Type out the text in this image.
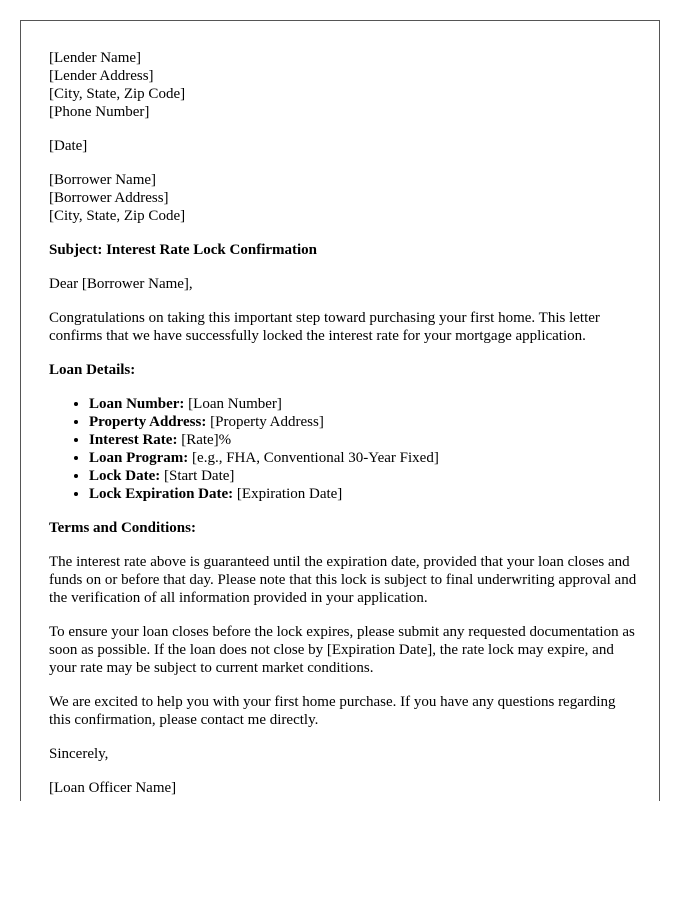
[Lender Name]

[Lender Address]

[City, State, Zip Code]

[Phone Number]

[Date]

[Borrower Name]

[Borrower Address]

[City, State, Zip Code]

Subject: Interest Rate Lock Confirmation

Dear [Borrower Name],

Congratulations on taking this important step toward purchasing your first home. This letter confirms that we have successfully locked the interest rate for your mortgage application.

Loan Details:

• Loan Number: [Loan Number]
• Property Address: [Property Address]
• Interest Rate: [Rate]%
• Loan Program: [e.g., FHA, Conventional 30-Year Fixed]
• Lock Date: [Start Date]
• Lock Expiration Date: [Expiration Date]

Terms and Conditions:

The interest rate above is guaranteed until the expiration date, provided that your loan closes and funds on or before that day. Please note that this lock is subject to final underwriting approval and the verification of all information provided in your application.

To ensure your loan closes before the lock expires, please submit any requested documentation as soon as possible. If the loan does not close by [Expiration Date], the rate lock may expire, and your rate may be subject to current market conditions.

We are excited to help you with your first home purchase. If you have any questions regarding this confirmation, please contact me directly.

Sincerely,

[Loan Officer Name]
